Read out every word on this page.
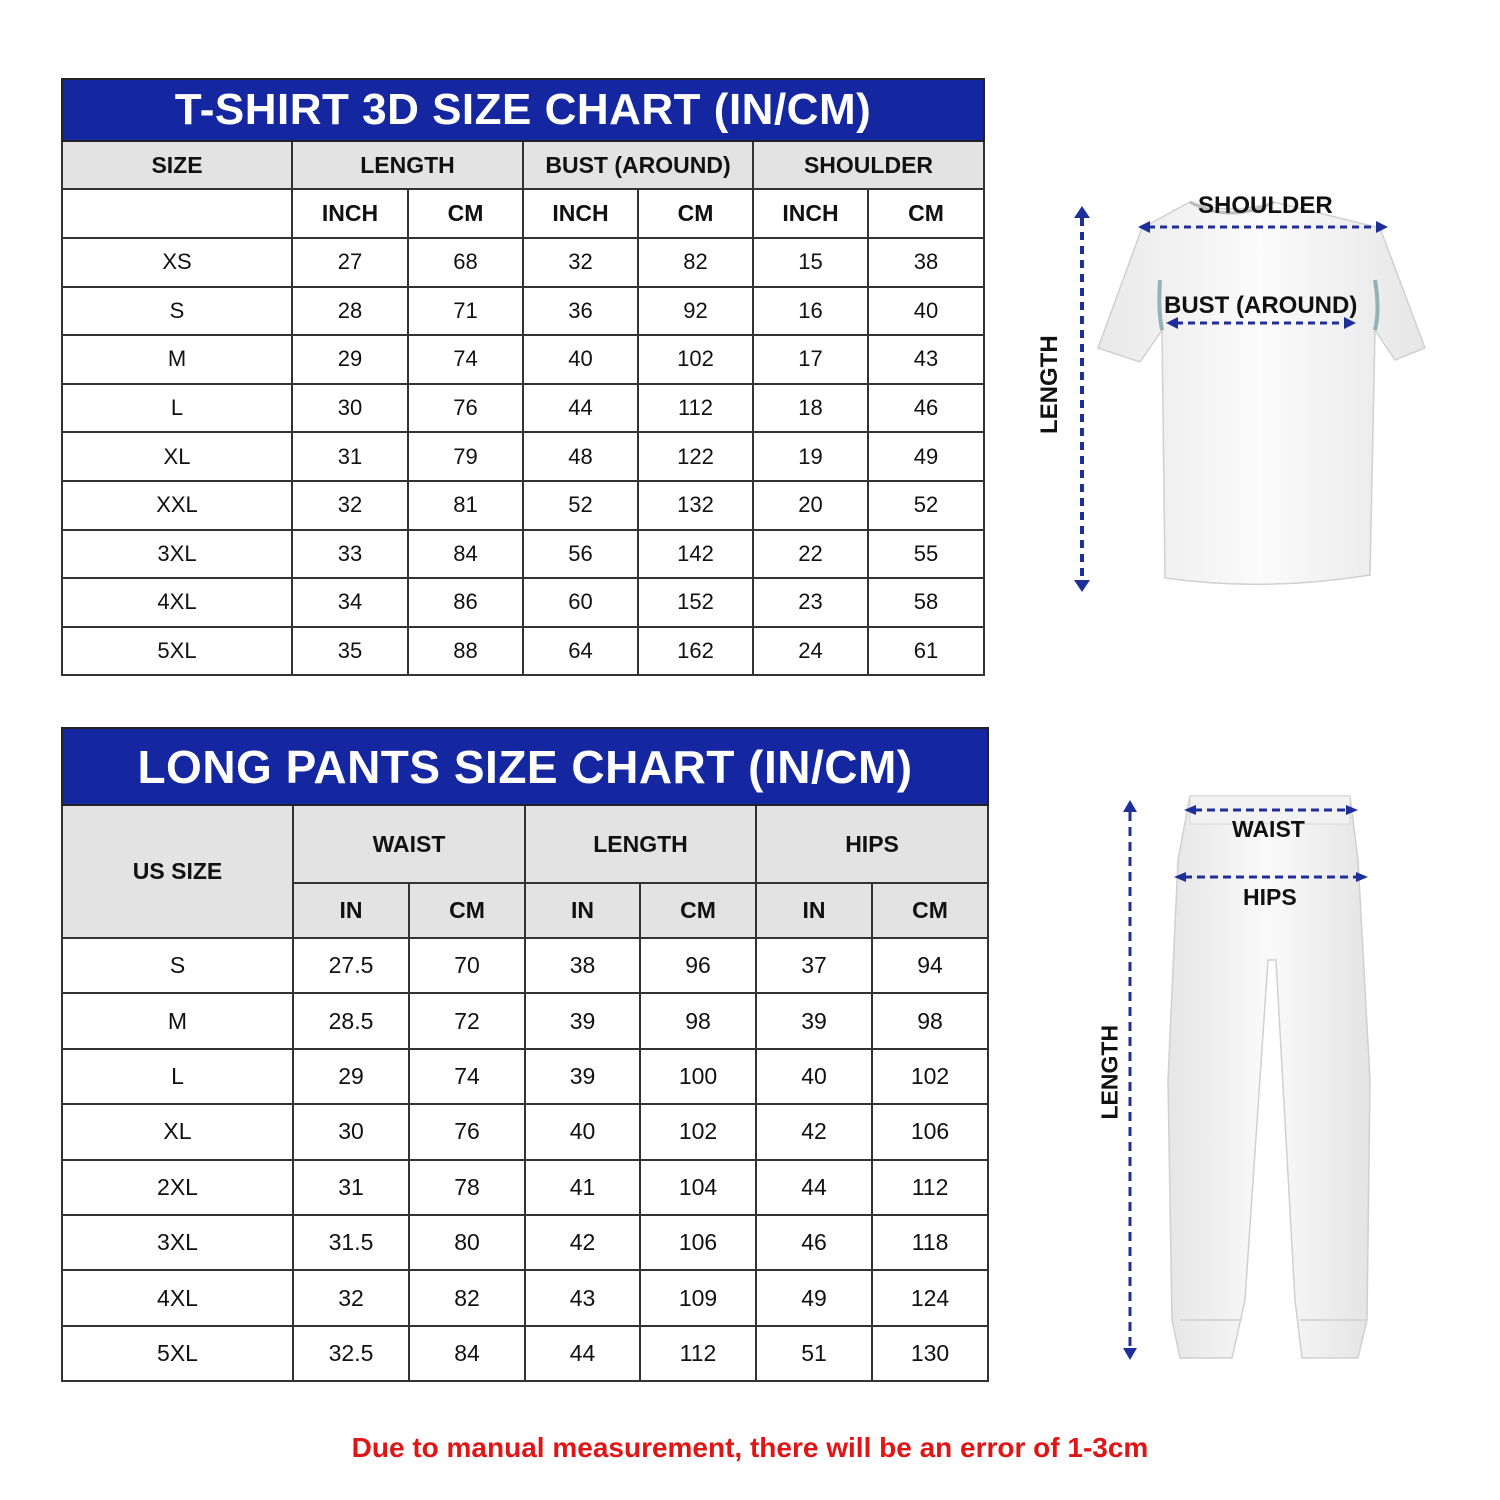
T-SHIRT 3D SIZE CHART (IN/CM)						
SIZE	LENGTH		BUST (AROUND)		SHOULDER	
	INCH	CM	INCH	CM	INCH	CM
XS	27	68	32	82	15	38
S	28	71	36	92	16	40
M	29	74	40	102	17	43
L	30	76	44	112	18	46
XL	31	79	48	122	19	49
XXL	32	81	52	132	20	52
3XL	33	84	56	142	22	55
4XL	34	86	60	152	23	58
5XL	35	88	64	162	24	61
SHOULDER
BUST (AROUND)
LENGTH
LONG PANTS SIZE CHART (IN/CM)						
US SIZE	WAIST		LENGTH		HIPS	
	IN	CM	IN	CM	IN	CM
S	27.5	70	38	96	37	94
M	28.5	72	39	98	39	98
L	29	74	39	100	40	102
XL	30	76	40	102	42	106
2XL	31	78	41	104	44	112
3XL	31.5	80	42	106	46	118
4XL	32	82	43	109	49	124
5XL	32.5	84	44	112	51	130
WAIST
HIPS
LENGTH
Due to manual measurement, there will be an error of 1-3cm
